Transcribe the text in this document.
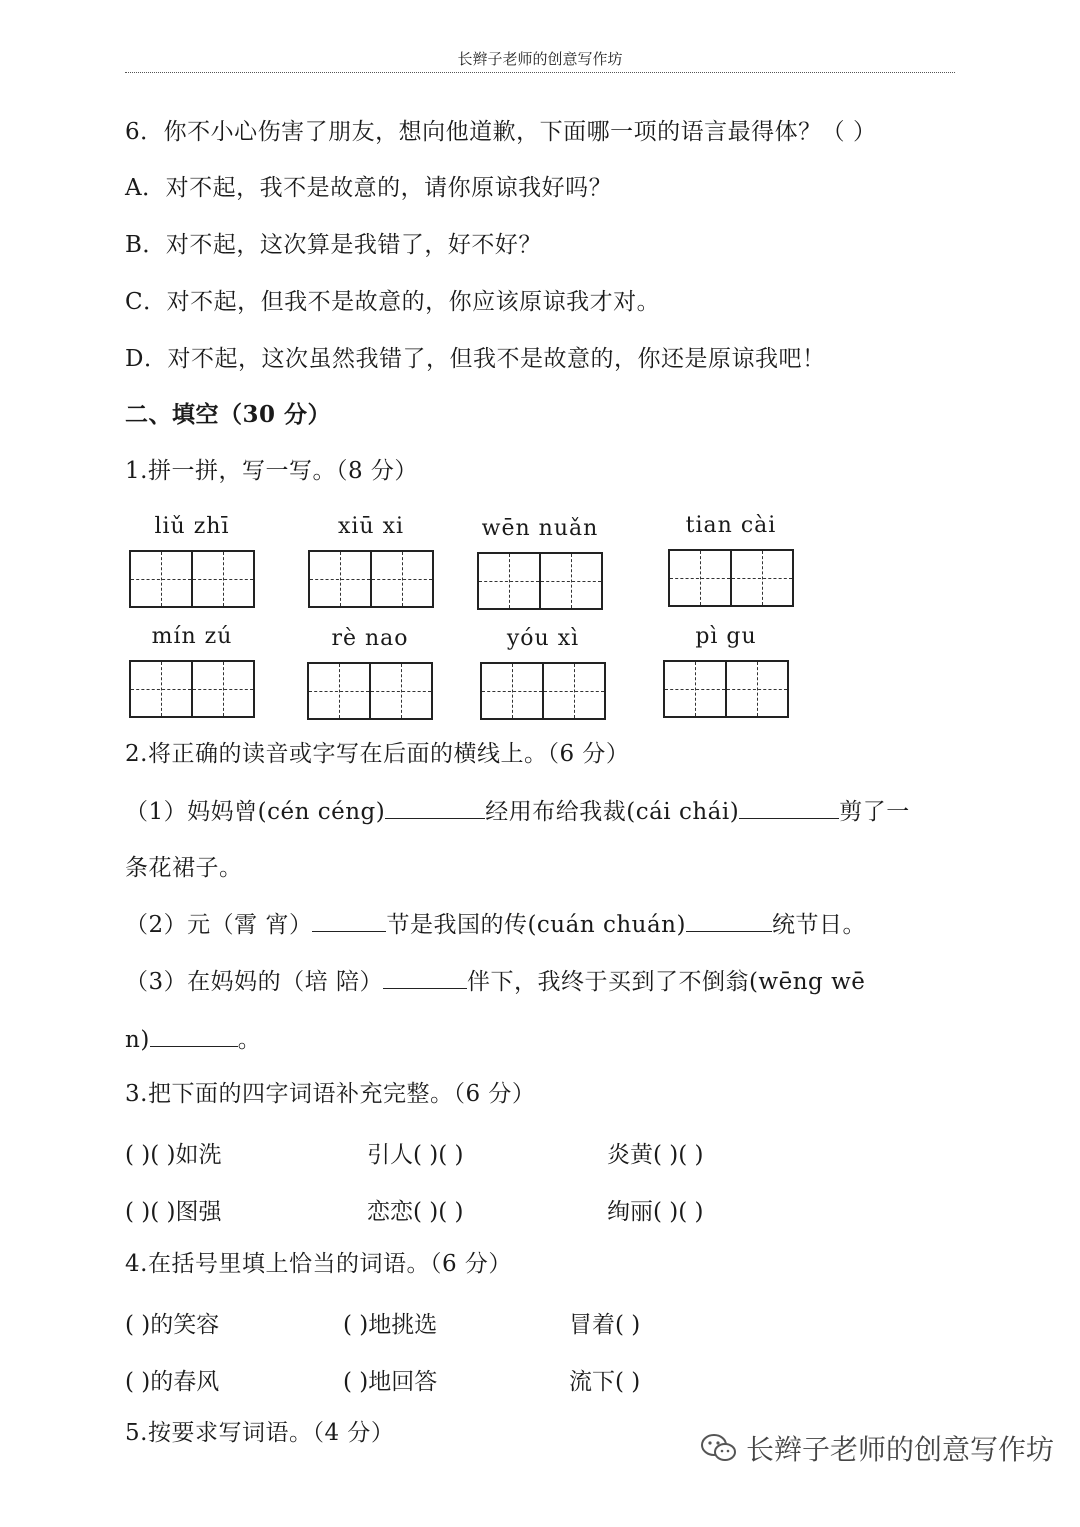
长辫子老师的创意写作坊
6．你不小心伤害了朋友，想向他道歉，下面哪一项的语言最得体？（ ）
A．对不起，我不是故意的，请你原谅我好吗？
B．对不起，这次算是我错了，好不好？
C．对不起，但我不是故意的，你应该原谅我才对。
D．对不起，这次虽然我错了，但我不是故意的，你还是原谅我吧！
二、填空（30 分）
1.拼一拼，写一写。（8 分）
liǔ zhī	xiū xi	wēn nuǎn	tian cài
mín zú	rè nao	yóu xì	pì gu
2.将正确的读音或字写在后面的横线上。（6 分）
（1）妈妈曾(cén céng)	经用布给我裁(cái chái)	剪了一
条花裙子。
（2）元（霄 宵）	节是我国的传(cuán chuán)	统节日。
（3）在妈妈的（培 陪）	伴下，我终于买到了不倒翁(wēng wē
n)	。
3.把下面的四字词语补充完整。（6 分）
( )( )如洗	引人( )( )	炎黄( )( )
( )( )图强	恋恋( )( )	绚丽( )( )
4.在括号里填上恰当的词语。（6 分）
( )的笑容	( )地挑选	冒着( )
( )的春风	( )地回答	流下( )
5.按要求写词语。（4 分）	长辫子老师的创意写作坊
